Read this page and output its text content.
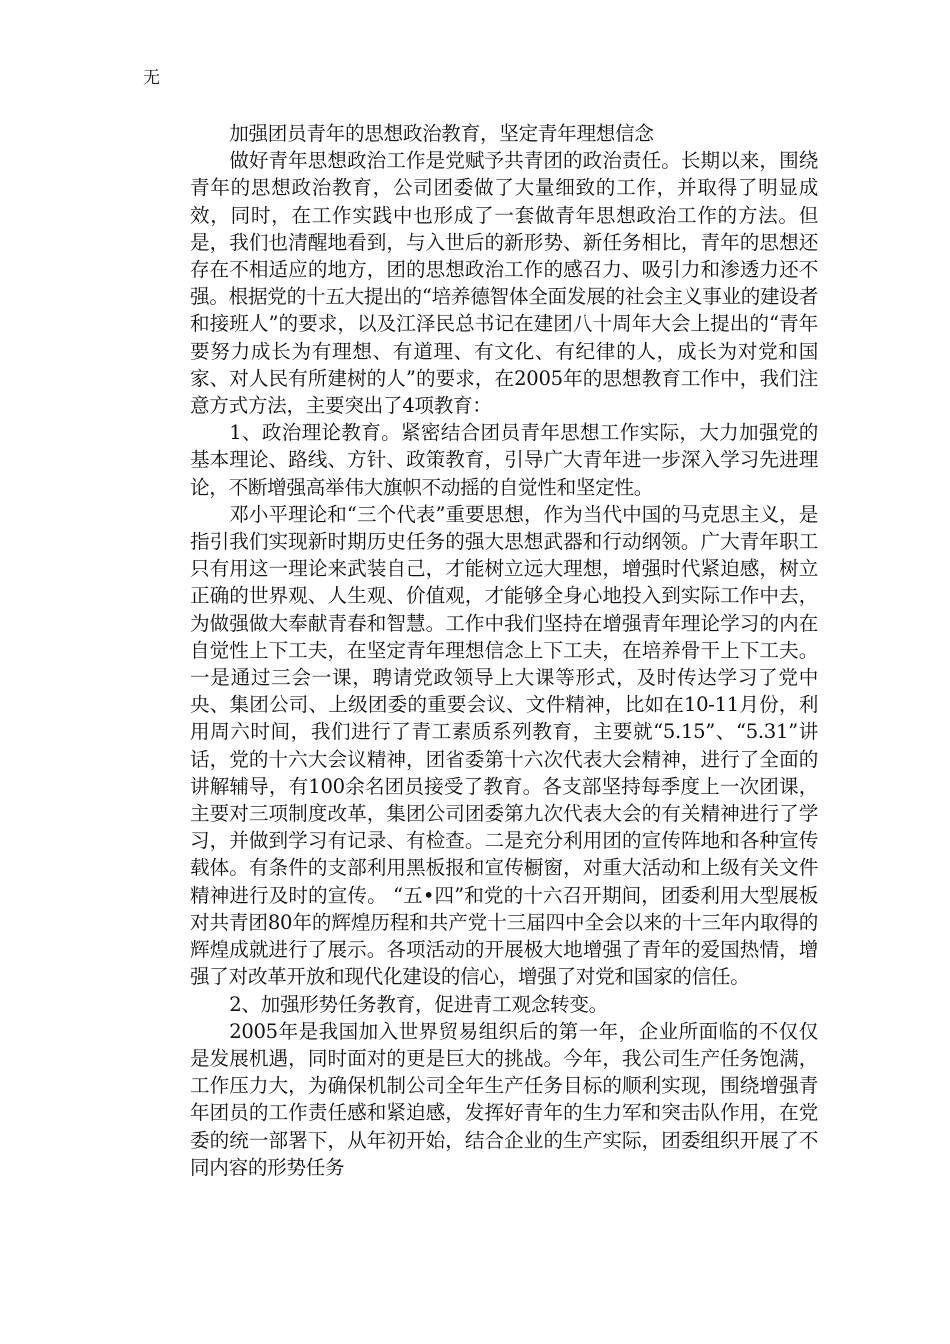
无

加强团员青年的思想政治教育，坚定青年理想信念

做好青年思想政治工作是党赋予共青团的政治责任。长期以来，围绕青年的思想政治教育，公司团委做了大量细致的工作，并取得了明显成效，同时，在工作实践中也形成了一套做青年思想政治工作的方法。但是，我们也清醒地看到，与入世后的新形势、新任务相比，青年的思想还存在不相适应的地方，团的思想政治工作的感召力、吸引力和渗透力还不强。根据党的十五大提出的“培养德智体全面发展的社会主义事业的建设者和接班人”的要求，以及江泽民总书记在建团八十周年大会上提出的“青年要努力成长为有理想、有道理、有文化、有纪律的人，成长为对党和国家、对人民有所建树的人”的要求，在2005年的思想教育工作中，我们注意方式方法，主要突出了4项教育：

1、政治理论教育。紧密结合团员青年思想工作实际，大力加强党的基本理论、路线、方针、政策教育，引导广大青年进一步深入学习先进理论，不断增强高举伟大旗帜不动摇的自觉性和坚定性。

邓小平理论和“三个代表”重要思想，作为当代中国的马克思主义，是指引我们实现新时期历史任务的强大思想武器和行动纲领。广大青年职工只有用这一理论来武装自己，才能树立远大理想，增强时代紧迫感，树立正确的世界观、人生观、价值观，才能够全身心地投入到实际工作中去，为做强做大奉献青春和智慧。工作中我们坚持在增强青年理论学习的内在自觉性上下工夫，在坚定青年理想信念上下工夫，在培养骨干上下工夫。一是通过三会一课，聘请党政领导上大课等形式，及时传达学习了党中央、集团公司、上级团委的重要会议、文件精神，比如在10-11月份，利用周六时间，我们进行了青工素质系列教育，主要就“5.15”、“5.31”讲话，党的十六大会议精神，团省委第十六次代表大会精神，进行了全面的讲解辅导，有100余名团员接受了教育。各支部坚持每季度上一次团课，主要对三项制度改革，集团公司团委第九次代表大会的有关精神进行了学习，并做到学习有记录、有检查。二是充分利用团的宣传阵地和各种宣传载体。有条件的支部利用黑板报和宣传橱窗，对重大活动和上级有关文件精神进行及时的宣传。 “五•四”和党的十六召开期间，团委利用大型展板对共青团80年的辉煌历程和共产党十三届四中全会以来的十三年内取得的辉煌成就进行了展示。各项活动的开展极大地增强了青年的爱国热情，增强了对改革开放和现代化建设的信心，增强了对党和国家的信任。

2、加强形势任务教育，促进青工观念转变。

2005年是我国加入世界贸易组织后的第一年，企业所面临的不仅仅是发展机遇，同时面对的更是巨大的挑战。今年，我公司生产任务饱满，工作压力大，为确保机制公司全年生产任务目标的顺利实现，围绕增强青年团员的工作责任感和紧迫感，发挥好青年的生力军和突击队作用，在党委的统一部署下，从年初开始，结合企业的生产实际，团委组织开展了不同内容的形势任务
